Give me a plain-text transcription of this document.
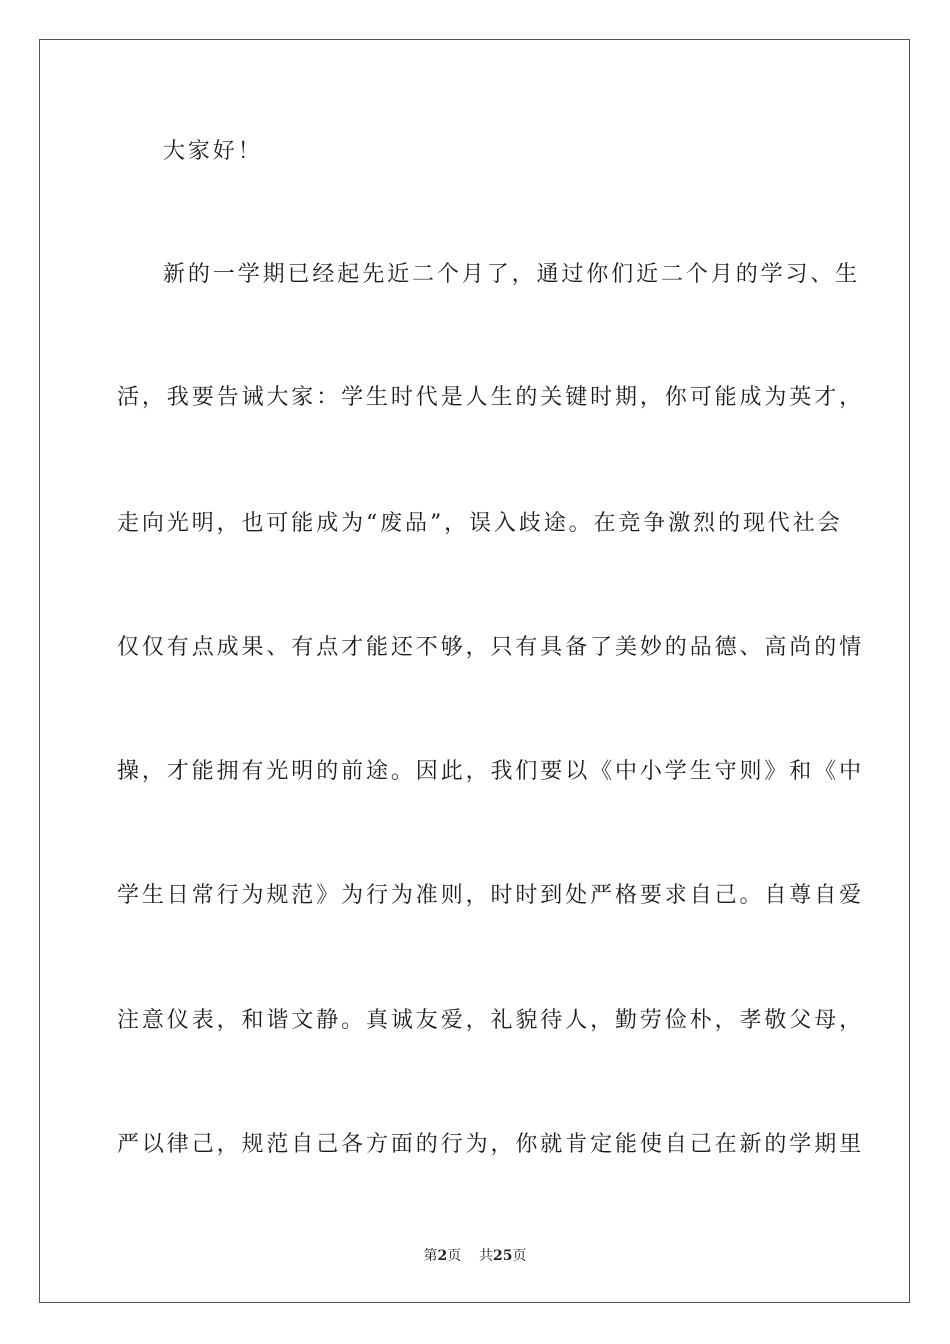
大家好！
新的一学期已经起先近二个月了，通过你们近二个月的学习、生
活，我要告诫大家：学生时代是人生的关键时期，你可能成为英才，
走向光明，也可能成为“废品”，误入歧途。在竞争激烈的现代社会
仅仅有点成果、有点才能还不够，只有具备了美妙的品德、高尚的情
操，才能拥有光明的前途。因此，我们要以《中小学生守则》和《中
学生日常行为规范》为行为准则，时时到处严格要求自己。自尊自爱
注意仪表，和谐文静。真诚友爱，礼貌待人，勤劳俭朴，孝敬父母，
严以律己，规范自己各方面的行为，你就肯定能使自己在新的学期里
第2页 共25页
